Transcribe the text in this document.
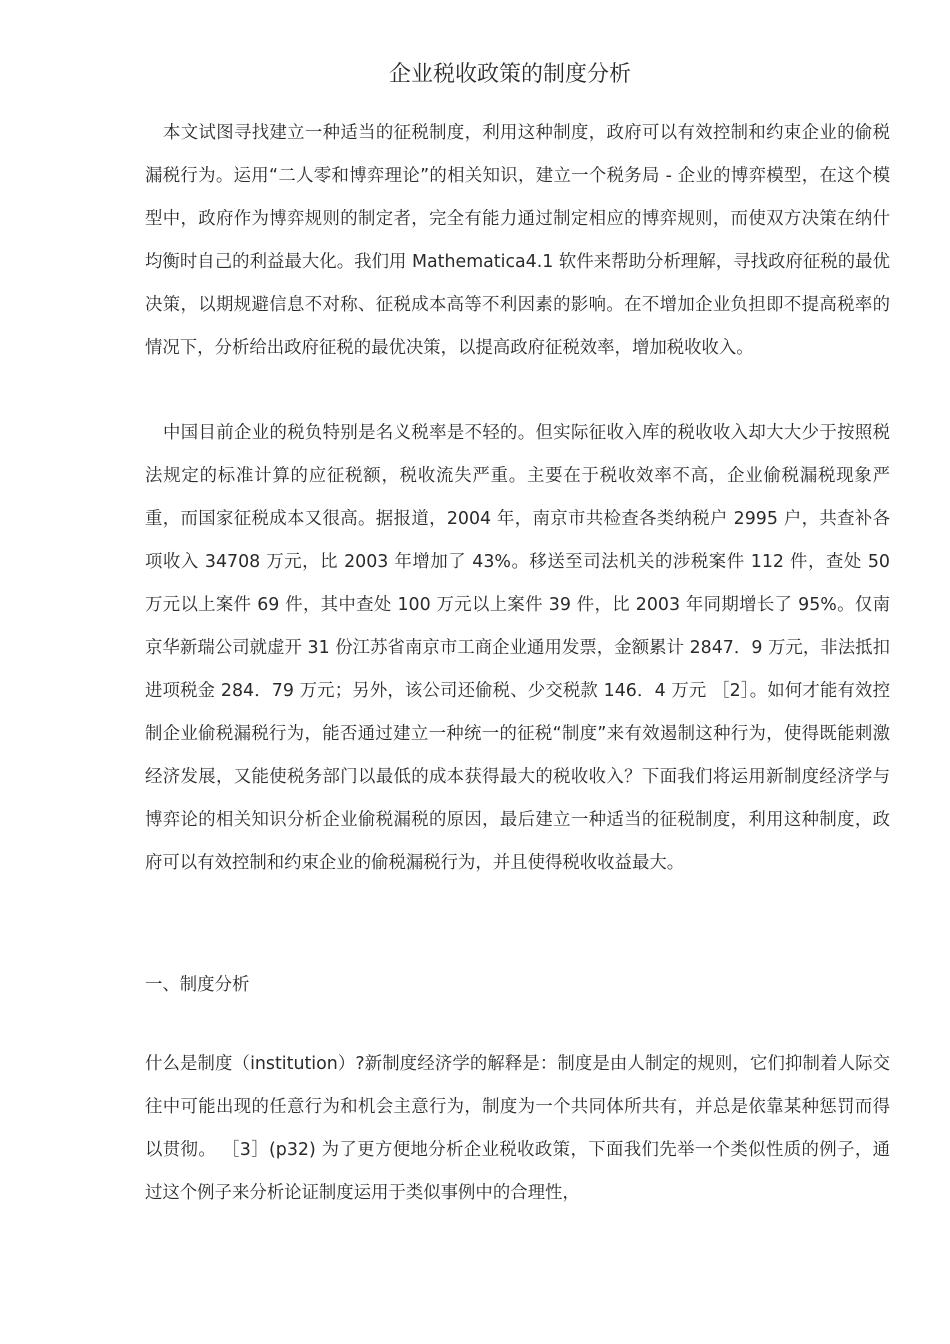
企业税收政策的制度分析

本文试图寻找建立一种适当的征税制度，利用这种制度，政府可以有效控制和约束企业的偷税漏税行为。运用“二人零和博弈理论”的相关知识，建立一个税务局 - 企业的博弈模型，在这个模型中，政府作为博弈规则的制定者，完全有能力通过制定相应的博弈规则，而使双方决策在纳什均衡时自己的利益最大化。我们用 Mathematica4.1 软件来帮助分析理解，寻找政府征税的最优决策，以期规避信息不对称、征税成本高等不利因素的影响。在不增加企业负担即不提高税率的情况下，分析给出政府征税的最优决策，以提高政府征税效率，增加税收收入。

中国目前企业的税负特别是名义税率是不轻的。但实际征收入库的税收收入却大大少于按照税法规定的标准计算的应征税额，税收流失严重。主要在于税收效率不高，企业偷税漏税现象严重，而国家征税成本又很高。据报道，2004 年，南京市共检查各类纳税户 2995 户，共查补各项收入 34708 万元，比 2003 年增加了 43%。移送至司法机关的涉税案件 112 件，查处 50 万元以上案件 69 件，其中查处 100 万元以上案件 39 件，比 2003 年同期增长了 95%。仅南京华新瑞公司就虚开 31 份江苏省南京市工商企业通用发票，金额累计 2847．9 万元，非法抵扣进项税金 284．79 万元；另外，该公司还偷税、少交税款 146．4 万元 ［2］。如何才能有效控制企业偷税漏税行为，能否通过建立一种统一的征税“制度”来有效遏制这种行为，使得既能刺激经济发展，又能使税务部门以最低的成本获得最大的税收收入？下面我们将运用新制度经济学与博弈论的相关知识分析企业偷税漏税的原因，最后建立一种适当的征税制度，利用这种制度，政府可以有效控制和约束企业的偷税漏税行为，并且使得税收收益最大。

一、制度分析

什么是制度（institution）?新制度经济学的解释是：制度是由人制定的规则，它们抑制着人际交往中可能出现的任意行为和机会主意行为，制度为一个共同体所共有，并总是依靠某种惩罚而得以贯彻。 ［3］(p32) 为了更方便地分析企业税收政策，下面我们先举一个类似性质的例子，通过这个例子来分析论证制度运用于类似事例中的合理性，
